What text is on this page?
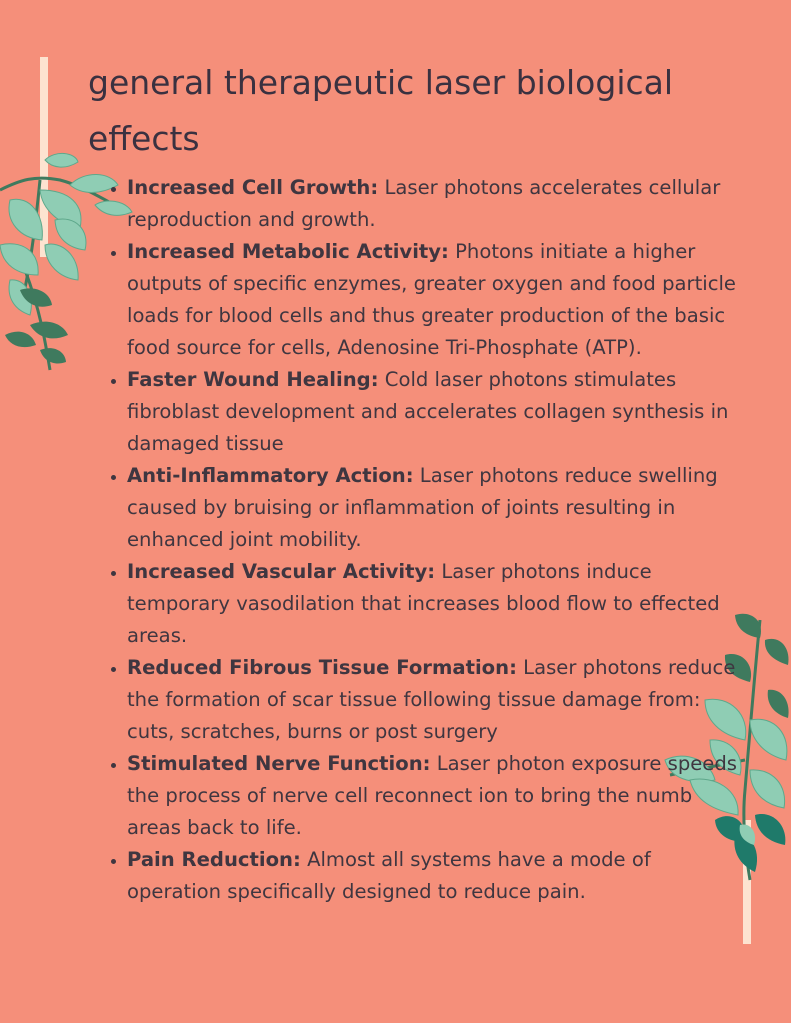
general therapeutic laser biological effects
• Increased Cell Growth: Laser photons accelerates cellular reproduction and growth.
• Increased Metabolic Activity: Photons initiate a higher outputs of specific enzymes, greater oxygen and food particle loads for blood cells and thus greater production of the basic food source for cells, Adenosine Tri-Phosphate (ATP).
• Faster Wound Healing: Cold laser photons stimulates fibroblast development and accelerates collagen synthesis in damaged tissue
• Anti-Inflammatory Action: Laser photons reduce swelling caused by bruising or inflammation of joints resulting in enhanced joint mobility.
• Increased Vascular Activity: Laser photons induce temporary vasodilation that increases blood flow to effected areas.
• Reduced Fibrous Tissue Formation: Laser photons reduce the formation of scar tissue following tissue damage from: cuts, scratches, burns or post surgery
• Stimulated Nerve Function: Laser photon exposure speeds the process of nerve cell reconnect ion to bring the numb areas back to life.
• Pain Reduction: Almost all systems have a mode of operation specifically designed to reduce pain.
